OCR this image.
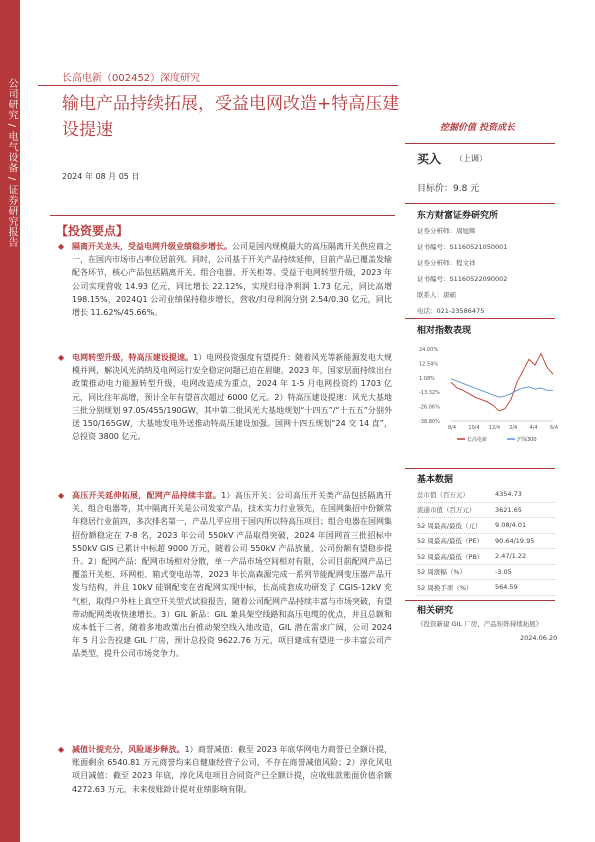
公司研究 / 电气设备 / 证券研究报告	长高电新（002452）深度研究
输电产品持续拓展，受益电网改造+特高压建设提速
2024 年 08 月 05 日
挖掘价值 投资成长
买入 （上调）
目标价：9.8 元
东方财富证券研究所
证券分析师：周旭辉
证书编号：S1160521050001
证券分析师：程文祥
证书编号：S1160522090002
联系人：唐硕
电话：021-23586475
相对指数表现
24.00%
12.54%
1.08%
-13.32%
-26.06%
-38.80%
8/4 10/4 12/4 2/4 4/4 6/4
长高电新	沪深300
基本数据
总市值（百万元）	4354.73
流通市值（百万元）	3621.65
52 周最高/最低（元） 9.08/4.01
52 周最高/最低（PE） 90.64/19.95
52 周最高/最低（PB） 2.47/1.22
52 周涨幅（%）	-3.05
52 周换手率（%）	564.59
相关研究
《投资新建 GIL 厂房，产品矩阵持续拓展》
2024.06.20
【投资要点】
◆ 隔离开关龙头，受益电网升级业绩稳步增长。公司是国内规模最大的高压隔离开关供应商之一，在国内市场市占率位居前列。同时，公司基于开关产品持续延伸，目前产品已覆盖发输配各环节，核心产品包括隔离开关、组合电器、开关柜等。受益于电网转型升级，2023 年公司实现营收 14.93 亿元，同比增长 22.12%，实现归母净利润 1.73 亿元，同比高增 198.15%，2024Q1 公司业绩保持稳步增长，营收/归母利润分别 2.54/0.30 亿元，同比增长 11.62%/45.66%。
◆ 电网转型升级，特高压建设提速。1）电网投资强度有望提升：随着风光等新能源发电大规模并网，解决风光消纳及电网运行安全稳定问题已迫在眉睫。2023 年，国家层面持续出台政策推动电力能源转型升级，电网改造成为重点，2024 年 1-5 月电网投资约 1703 亿元，同比往年高增，预计全年有望首次超过 6000 亿元。2）特高压建设提速：风光大基地三批分别规划 97.05/455/190GW，其中第二批风光大基地规划“十四五”/“十五五”分别外送 150/165GW，大基地发电外送推动特高压建设加强。国网十四五规划“24 交 14 直”，总投资 3800 亿元。
◆ 高压开关延伸拓展，配网产品持续丰富。1）高压开关：公司高压开关类产品包括隔离开关、组合电器等，其中隔离开关是公司发家产品，技术实力行业领先，在国网集招中份额常年稳居行业前四，多次排名第一，产品几乎应用于国内所以特高压项目；组合电器在国网集招份额稳定在 7-8 名，2023 年公司 550kV 产品取得突破，2024 年国网首三批招标中 550kV GIS 已累计中标超 9000 万元，随着公司 550kV 产品放量，公司份额有望稳步提升。2）配网产品：配网市场相对分散，单一产品市场空间相对有限，公司目前配网产品已覆盖开关柜、环网柜、箱式变电站等，2023 年长高森源完成一系列节能配网变压器产品开发与结构，并且 10kV 硅钢配变在省配网实现中标，长高成套成功研发了 CGIS-12kV 充气柜，取得户外柱上真空开关型式试验报告，随着公司配网产品持续丰富与市场突破，有望带动配网类收快速增长。3）GIL 新品：GIL 兼具架空线路和高压电缆的优点，并且总额和成本低于二者，随着多地政策出台推动架空线入地改造，GIL 潜在需求广阔，公司 2024 年 5 月公告投建 GIL 厂房，预计总投资 9622.76 万元，项目建成有望进一步丰富公司产品类型，提升公司市场竞争力。
◆ 减值计提充分，风险逐步释放。1）商誉减值：截至 2023 年底华网电力商誉已全额计提，账面剩余 6540.81 万元商誉均来自健康经营子公司，不存在商誉减值风险；2）淳化风电项目减值：截至 2023 年底，淳化风电项目合同资产已全额计提，应收账款账面价值余额 4272.63 万元，未来按账龄计提对业绩影响有限。
